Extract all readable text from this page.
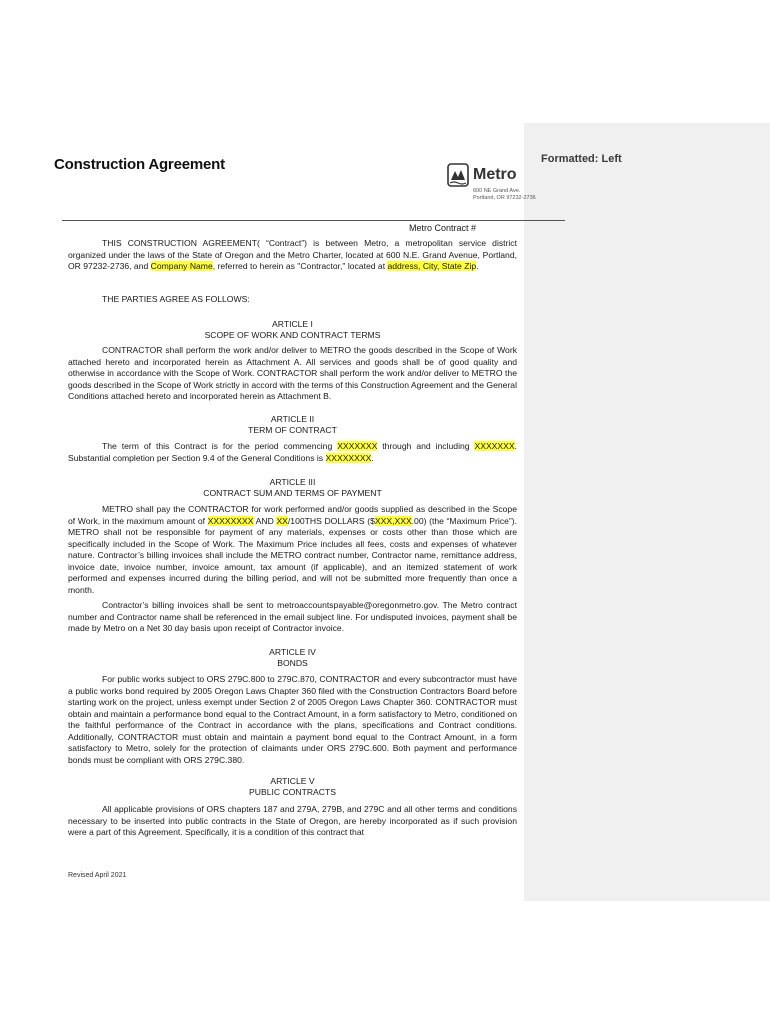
Formatted: Left
Construction Agreement
Metro
600 NE Grand Ave.
Portland, OR 97232-2736
Metro Contract #

THIS CONSTRUCTION AGREEMENT( “Contract”) is between Metro, a metropolitan service district organized under the laws of the State of Oregon and the Metro Charter, located at 600 N.E. Grand Avenue, Portland, OR 97232-2736, and Company Name, referred to herein as "Contractor," located at address, City, State Zip.

THE PARTIES AGREE AS FOLLOWS:

ARTICLE I

SCOPE OF WORK AND CONTRACT TERMS

CONTRACTOR shall perform the work and/or deliver to METRO the goods described in the Scope of Work attached hereto and incorporated herein as Attachment A. All services and goods shall be of good quality and otherwise in accordance with the Scope of Work. CONTRACTOR shall perform the work and/or deliver to METRO the goods described in the Scope of Work strictly in accord with the terms of this Construction Agreement and the General Conditions attached hereto and incorporated herein as Attachment B.

ARTICLE II

TERM OF CONTRACT

The term of this Contract is for the period commencing XXXXXXX through and including XXXXXXX. Substantial completion per Section 9.4 of the General Conditions is XXXXXXXX.

ARTICLE III

CONTRACT SUM AND TERMS OF PAYMENT

METRO shall pay the CONTRACTOR for work performed and/or goods supplied as described in the Scope of Work, in the maximum amount of XXXXXXXX AND XX/100THS DOLLARS ($XXX,XXX.00) (the “Maximum Price”). METRO shall not be responsible for payment of any materials, expenses or costs other than those which are specifically included in the Scope of Work. The Maximum Price includes all fees, costs and expenses of whatever nature. Contractor’s billing invoices shall include the METRO contract number, Contractor name, remittance address, invoice date, invoice number, invoice amount, tax amount (if applicable), and an itemized statement of work performed and expenses incurred during the billing period, and will not be submitted more frequently than once a month.

Contractor’s billing invoices shall be sent to metroaccountspayable@oregonmetro.gov. The Metro contract number and Contractor name shall be referenced in the email subject line. For undisputed invoices, payment shall be made by Metro on a Net 30 day basis upon receipt of Contractor invoice.

ARTICLE IV

BONDS

For public works subject to ORS 279C.800 to 279C.870, CONTRACTOR and every subcontractor must have a public works bond required by 2005 Oregon Laws Chapter 360 filed with the Construction Contractors Board before starting work on the project, unless exempt under Section 2 of 2005 Oregon Laws Chapter 360. CONTRACTOR must obtain and maintain a performance bond equal to the Contract Amount, in a form satisfactory to Metro, conditioned on the faithful performance of the Contract in accordance with the plans, specifications and Contract conditions. Additionally, CONTRACTOR must obtain and maintain a payment bond equal to the Contract Amount, in a form satisfactory to Metro, solely for the protection of claimants under ORS 279C.600. Both payment and performance bonds must be compliant with ORS 279C.380.

ARTICLE V

PUBLIC CONTRACTS

All applicable provisions of ORS chapters 187 and 279A, 279B, and 279C and all other terms and conditions necessary to be inserted into public contracts in the State of Oregon, are hereby incorporated as if such provision were a part of this Agreement. Specifically, it is a condition of this contract that

Revised April 2021
